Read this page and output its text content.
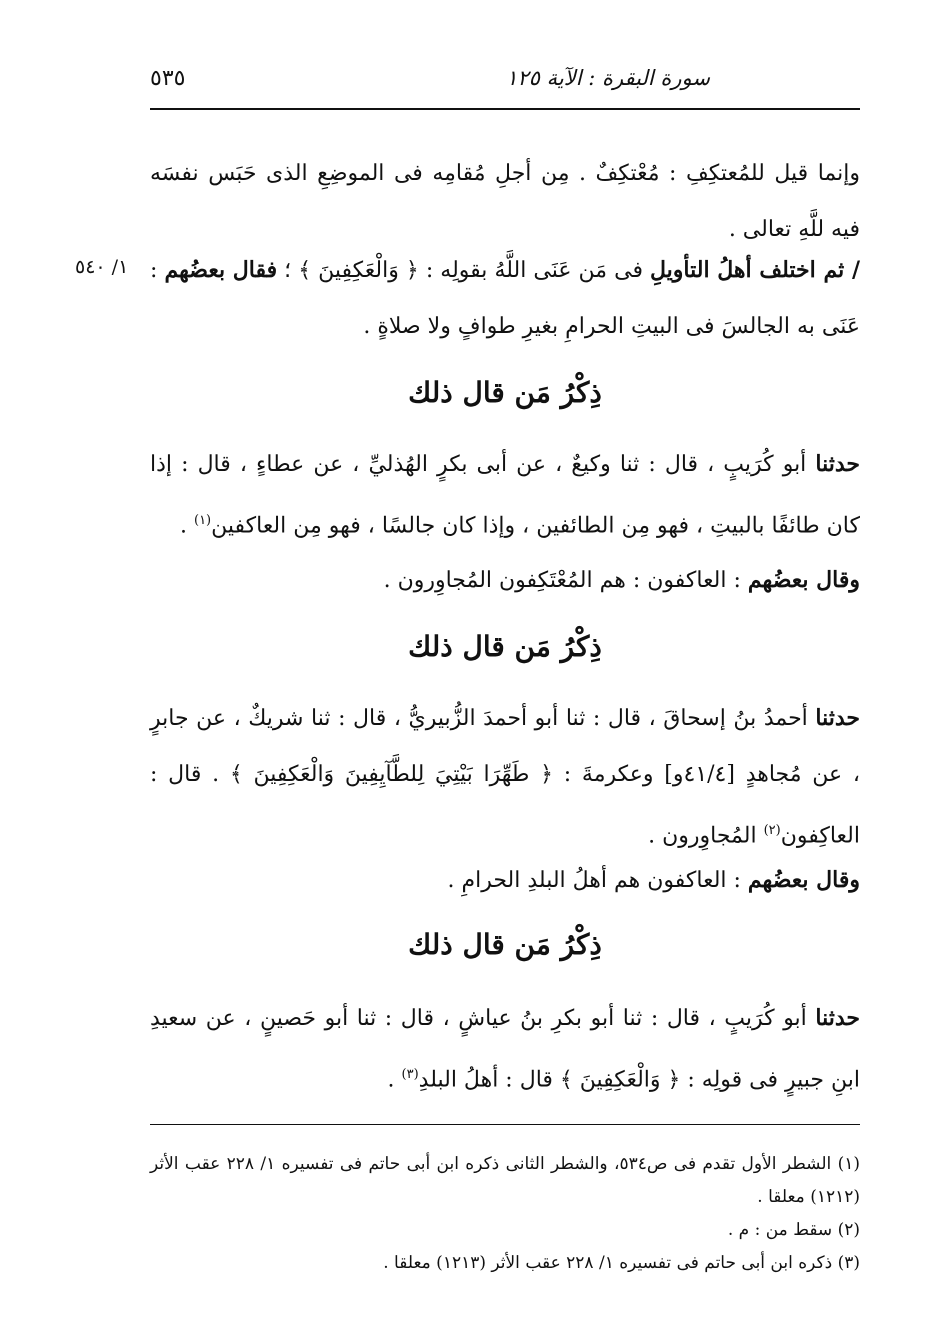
٥٣٥	سورة البقرة : الآية ١٢٥
وإنما قيل للمُعتكِفِ : مُعْتكِفٌ . مِن أجلِ مُقامِه فى الموضِعِ الذى حَبَس نفسَه فيه للَّهِ تعالى .
/ ثم اختلف أهلُ التأويلِ فى مَن عَنَى اللَّهُ بقولِه : ﴿ وَالْعَكِفِينَ ﴾ ؛ فقال بعضُهم : عَنَى به الجالسَ فى البيتِ الحرامِ بغيرِ طوافٍ ولا صلاةٍ .
١/ ٥٤٠
ذِكْرُ مَن قال ذلك
حدثنا أبو كُرَيبٍ ، قال : ثنا وكيعٌ ، عن أبى بكرٍ الهُذليِّ ، عن عطاءٍ ، قال : إذا كان طائفًا بالبيتِ ، فهو مِن الطائفين ، وإذا كان جالسًا ، فهو مِن العاكفين$^{(١)}$ .
وقال بعضُهم : العاكفون : هم المُعْتَكِفون المُجاوِرون .
ذِكْرُ مَن قال ذلك
حدثنا أحمدُ بنُ إسحاقَ ، قال : ثنا أبو أحمدَ الزُّبيريُّ ، قال : ثنا شريكٌ ، عن جابرٍ ، عن مُجاهدٍ [٤١/٤و] وعكرمةَ : ﴿ طَهِّرَا بَيْتِيَ لِلطَّآيِفِينَ وَالْعَكِفِينَ ﴾ . قال : العاكِفون$^{(٢)}$ المُجاوِرون .
وقال بعضُهم : العاكفون هم أهلُ البلدِ الحرامِ .
ذِكْرُ مَن قال ذلك
حدثنا أبو كُرَيبٍ ، قال : ثنا أبو بكرِ بنُ عياشٍ ، قال : ثنا أبو حَصينٍ ، عن سعيدِ ابنِ جبيرٍ فى قولِه : ﴿ وَالْعَكِفِينَ ﴾ قال : أهلُ البلدِ$^{(٣)}$ .
(١) الشطر الأول تقدم فى ص٥٣٤، والشطر الثانى ذكره ابن أبى حاتم فى تفسيره ١/ ٢٢٨ عقب الأثر (١٢١٢) معلقا .
(٢) سقط من : م .
(٣) ذكره ابن أبى حاتم فى تفسيره ١/ ٢٢٨ عقب الأثر (١٢١٣) معلقا .
